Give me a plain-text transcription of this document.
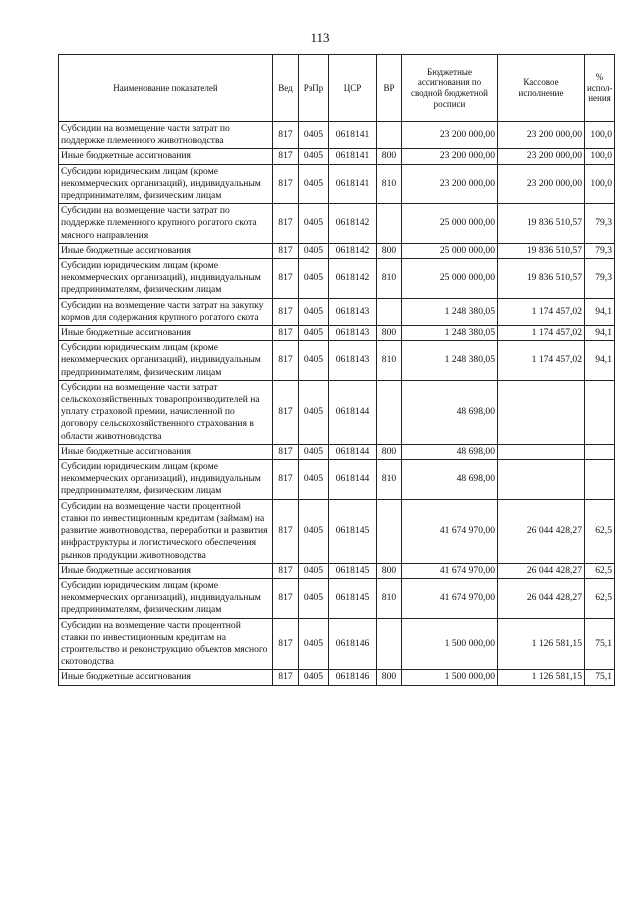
113
Наименование показателей	Вед	РзПр	ЦСР	ВР	Бюджетные ассигнования по сводной бюджетной росписи	Кассовое исполнение	% испол-нения
Субсидии на возмещение части затрат по поддержке племенного животноводства	817	0405	0618141		23 200 000,00	23 200 000,00	100,0
Иные бюджетные ассигнования	817	0405	0618141	800	23 200 000,00	23 200 000,00	100,0
Субсидии юридическим лицам (кроме некоммерческих организаций), индивидуальным предпринимателям, физическим лицам	817	0405	0618141	810	23 200 000,00	23 200 000,00	100,0
Субсидии на возмещение части затрат по поддержке племенного крупного рогатого скота мясного направления	817	0405	0618142		25 000 000,00	19 836 510,57	79,3
Иные бюджетные ассигнования	817	0405	0618142	800	25 000 000,00	19 836 510,57	79,3
Субсидии юридическим лицам (кроме некоммерческих организаций), индивидуальным предпринимателям, физическим лицам	817	0405	0618142	810	25 000 000,00	19 836 510,57	79,3
Субсидии на возмещение части затрат на закупку кормов для содержания крупного рогатого скота	817	0405	0618143		1 248 380,05	1 174 457,02	94,1
Иные бюджетные ассигнования	817	0405	0618143	800	1 248 380,05	1 174 457,02	94,1
Субсидии юридическим лицам (кроме некоммерческих организаций), индивидуальным предпринимателям, физическим лицам	817	0405	0618143	810	1 248 380,05	1 174 457,02	94,1
Субсидии на возмещение части затрат сельскохозяйственных товаропроизводителей на уплату страховой премии, начисленной по договору сельскохозяйственного страхования в области животноводства	817	0405	0618144		48 698,00		
Иные бюджетные ассигнования	817	0405	0618144	800	48 698,00		
Субсидии юридическим лицам (кроме некоммерческих организаций), индивидуальным предпринимателям, физическим лицам	817	0405	0618144	810	48 698,00		
Субсидии на возмещение части процентной ставки по инвестиционным кредитам (займам) на развитие животноводства, переработки и развития инфраструктуры и логистического обеспечения рынков продукции животноводства	817	0405	0618145		41 674 970,00	26 044 428,27	62,5
Иные бюджетные ассигнования	817	0405	0618145	800	41 674 970,00	26 044 428,27	62,5
Субсидии юридическим лицам (кроме некоммерческих организаций), индивидуальным предпринимателям, физическим лицам	817	0405	0618145	810	41 674 970,00	26 044 428,27	62,5
Субсидии на возмещение части процентной ставки по инвестиционным кредитам на строительство и реконструкцию объектов мясного скотоводства	817	0405	0618146		1 500 000,00	1 126 581,15	75,1
Иные бюджетные ассигнования	817	0405	0618146	800	1 500 000,00	1 126 581,15	75,1
